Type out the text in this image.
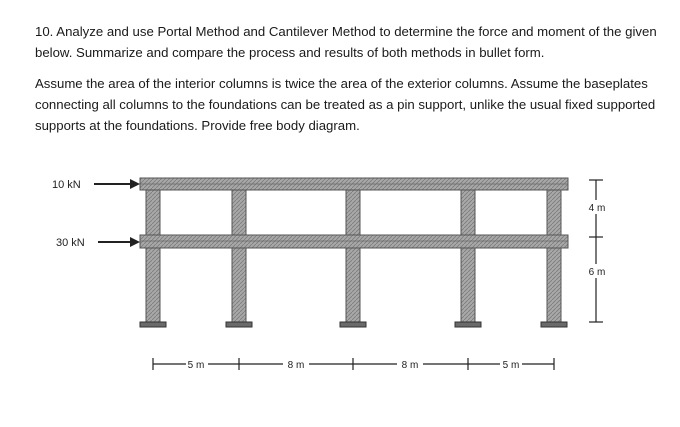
10. Analyze and use Portal Method and Cantilever Method to determine the force and moment of the given below. Summarize and compare the process and results of both methods in bullet form.

Assume the area of the interior columns is twice the area of the exterior columns. Assume the baseplates connecting all columns to the foundations can be treated as a pin support, unlike the usual fixed supported supports at the foundations. Provide free body diagram.

10 kN
30 kN
5 m	8 m	8 m	5 m
4 m
6 m
